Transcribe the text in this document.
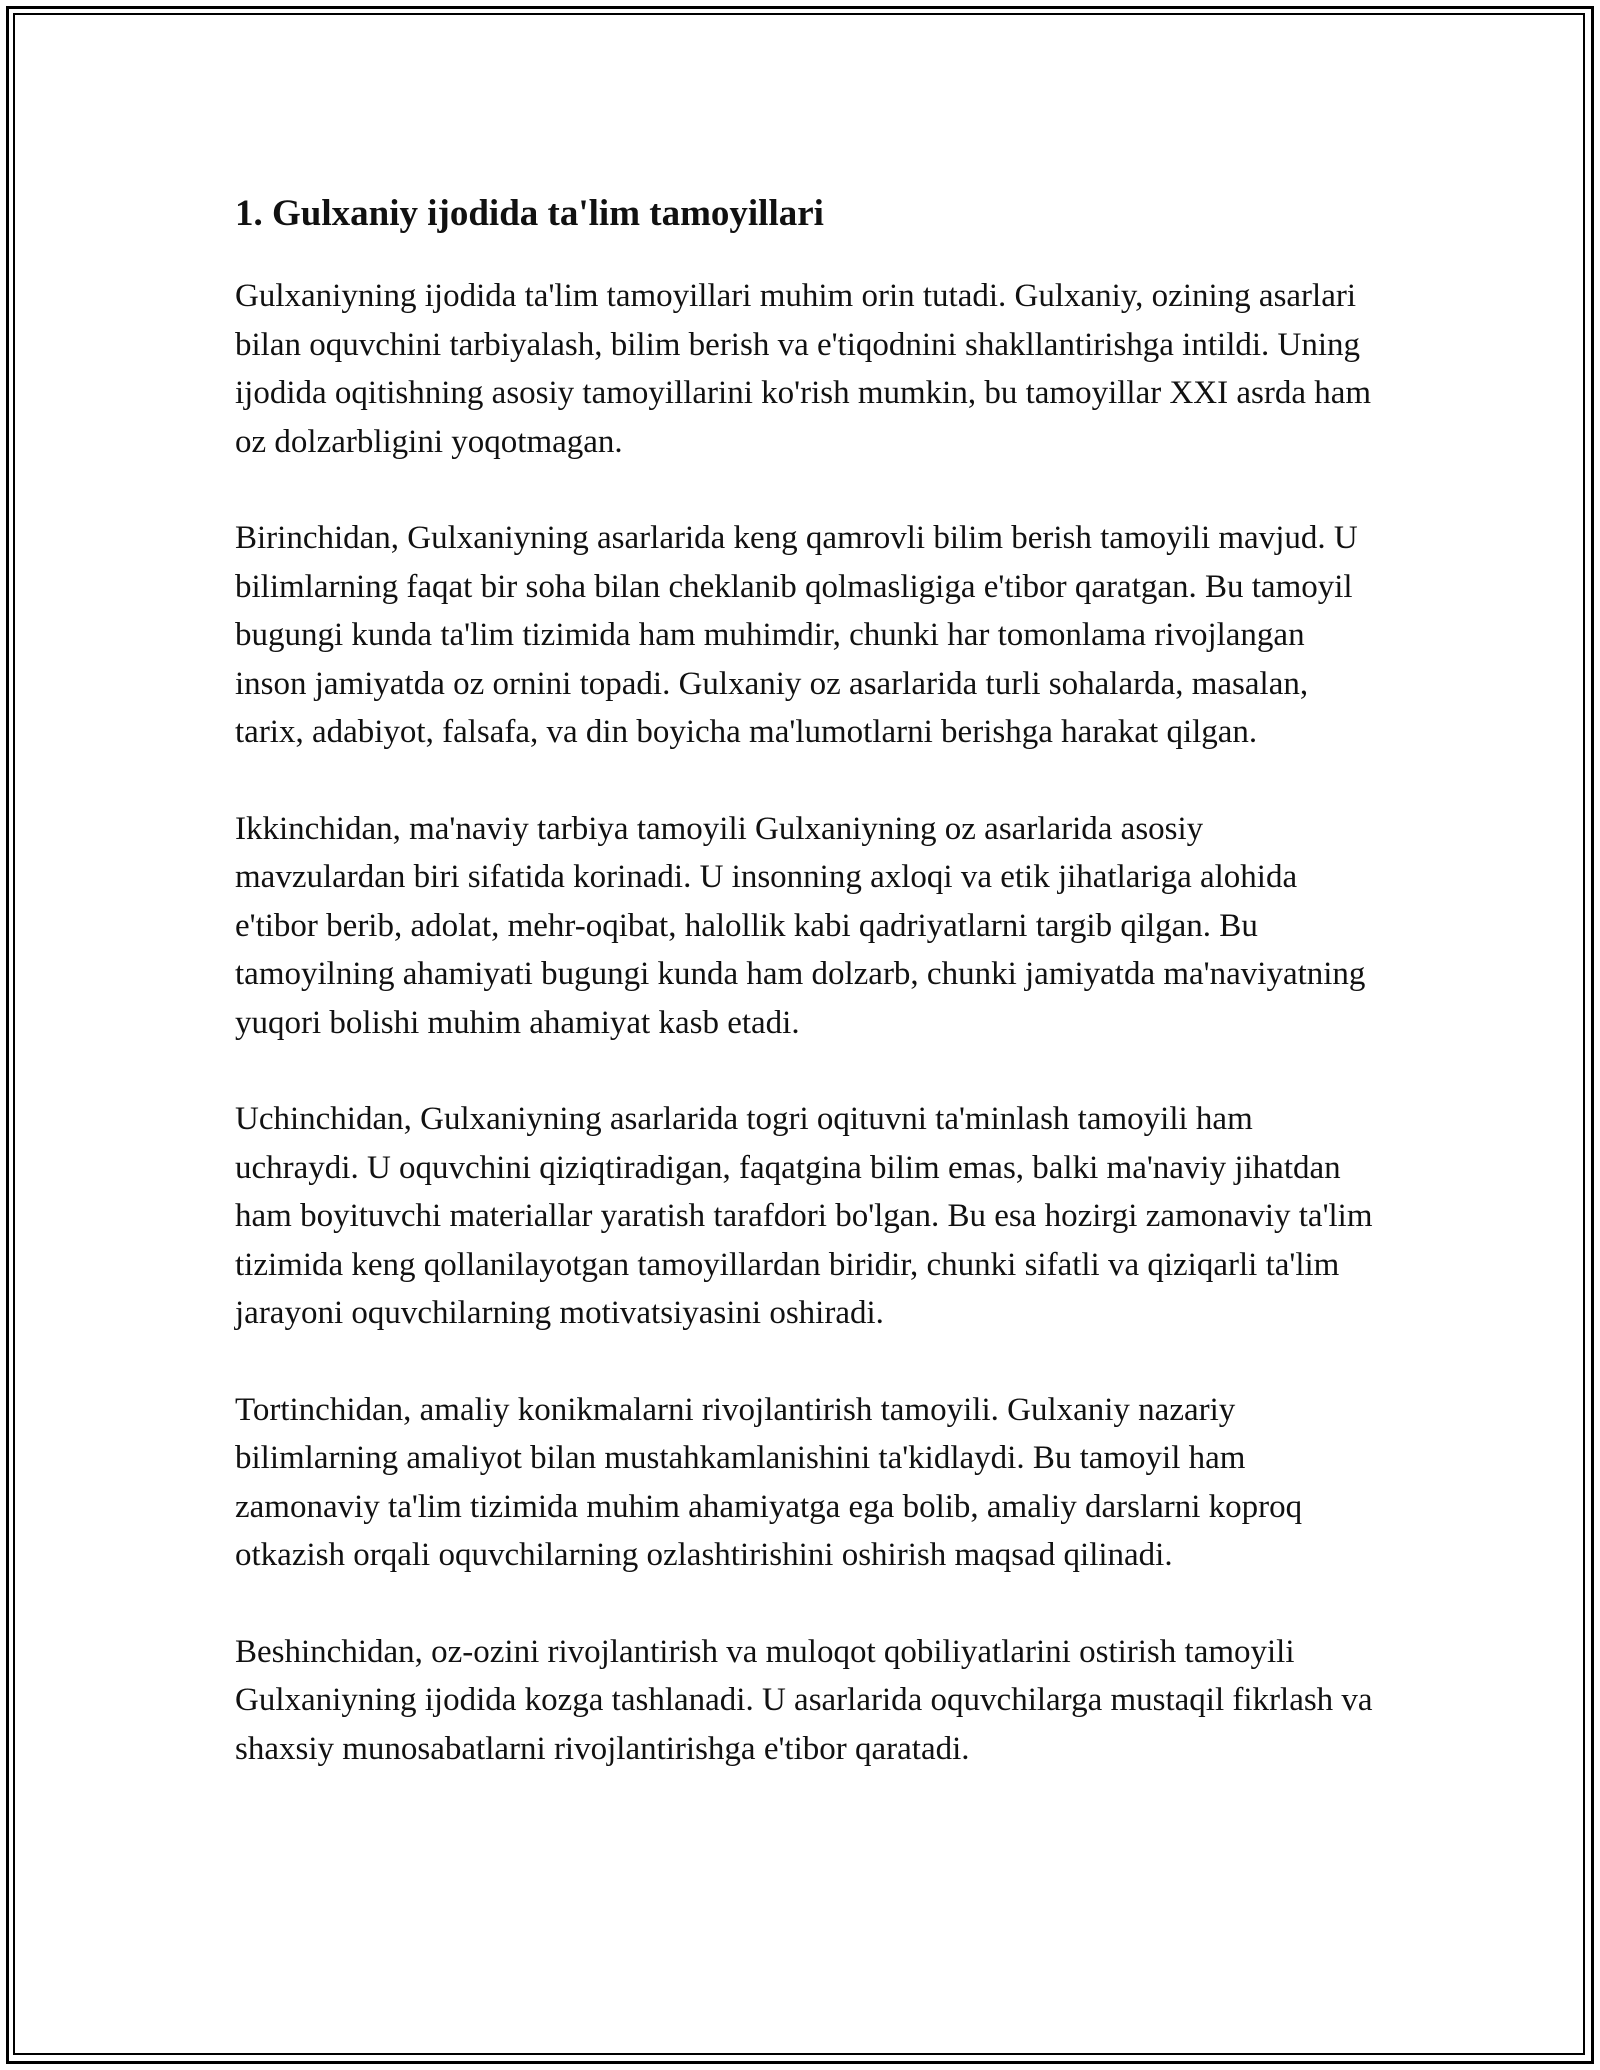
1. Gulxaniy ijodida ta'lim tamoyillari

Gulxaniyning ijodida ta'lim tamoyillari muhim orin tutadi. Gulxaniy, ozining asarlari bilan oquvchini tarbiyalash, bilim berish va e'tiqodnini shakllantirishga intildi. Uning ijodida oqitishning asosiy tamoyillarini ko'rish mumkin, bu tamoyillar XXI asrda ham oz dolzarbligini yoqotmagan.

Birinchidan, Gulxaniyning asarlarida keng qamrovli bilim berish tamoyili mavjud. U bilimlarning faqat bir soha bilan cheklanib qolmasligiga e'tibor qaratgan. Bu tamoyil bugungi kunda ta'lim tizimida ham muhimdir, chunki har tomonlama rivojlangan inson jamiyatda oz ornini topadi. Gulxaniy oz asarlarida turli sohalarda, masalan, tarix, adabiyot, falsafa, va din boyicha ma'lumotlarni berishga harakat qilgan.

Ikkinchidan, ma'naviy tarbiya tamoyili Gulxaniyning oz asarlarida asosiy mavzulardan biri sifatida korinadi. U insonning axloqi va etik jihatlariga alohida e'tibor berib, adolat, mehr-oqibat, halollik kabi qadriyatlarni targib qilgan. Bu tamoyilning ahamiyati bugungi kunda ham dolzarb, chunki jamiyatda ma'naviyatning yuqori bolishi muhim ahamiyat kasb etadi.

Uchinchidan, Gulxaniyning asarlarida togri oqituvni ta'minlash tamoyili ham uchraydi. U oquvchini qiziqtiradigan, faqatgina bilim emas, balki ma'naviy jihatdan ham boyituvchi materiallar yaratish tarafdori bo'lgan. Bu esa hozirgi zamonaviy ta'lim tizimida keng qollanilayotgan tamoyillardan biridir, chunki sifatli va qiziqarli ta'lim jarayoni oquvchilarning motivatsiyasini oshiradi.

Tortinchidan, amaliy konikmalarni rivojlantirish tamoyili. Gulxaniy nazariy bilimlarning amaliyot bilan mustahkamlanishini ta'kidlaydi. Bu tamoyil ham zamonaviy ta'lim tizimida muhim ahamiyatga ega bolib, amaliy darslarni koproq otkazish orqali oquvchilarning ozlashtirishini oshirish maqsad qilinadi.

Beshinchidan, oz-ozini rivojlantirish va muloqot qobiliyatlarini ostirish tamoyili Gulxaniyning ijodida kozga tashlanadi. U asarlarida oquvchilarga mustaqil fikrlash va shaxsiy munosabatlarni rivojlantirishga e'tibor qaratadi.
